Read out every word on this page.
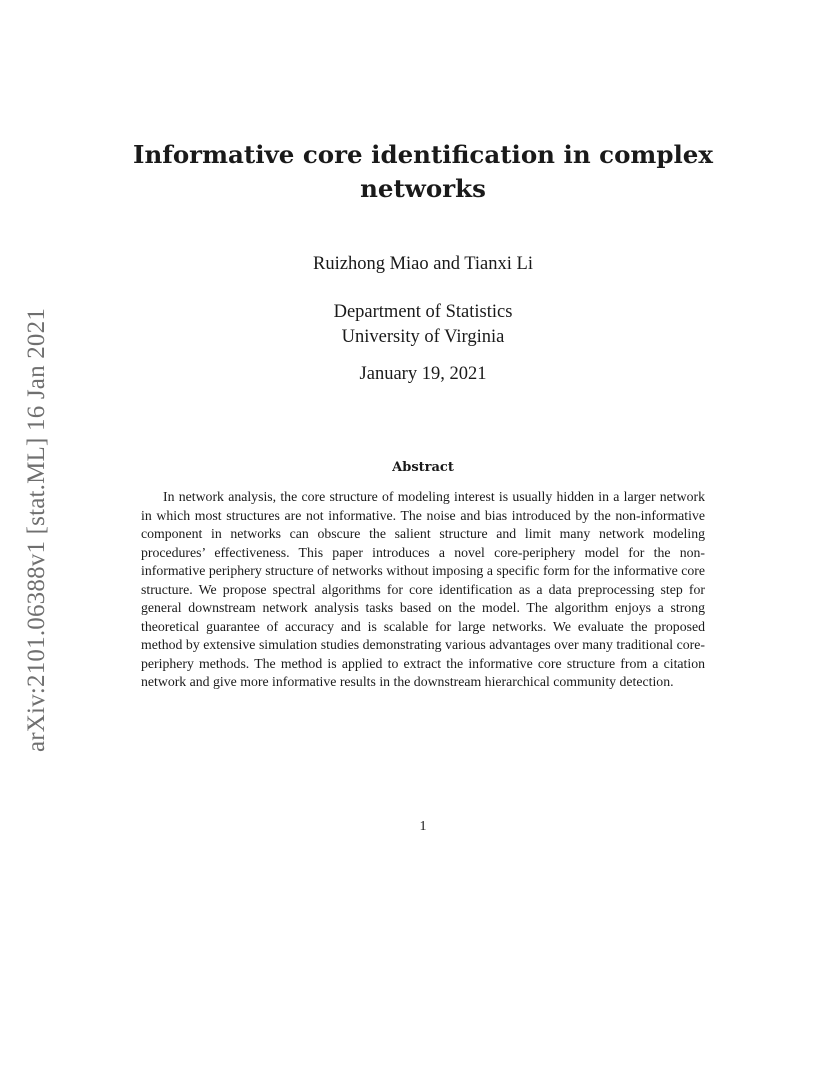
arXiv:2101.06388v1 [stat.ML] 16 Jan 2021
Informative core identification in complex
networks
Ruizhong Miao and Tianxi Li
Department of Statistics
University of Virginia
January 19, 2021
Abstract

In network analysis, the core structure of modeling interest is usually hidden in a larger network in which most structures are not informative. The noise and bias introduced by the non-informative component in networks can obscure the salient structure and limit many network modeling procedures’ effectiveness. This paper introduces a novel core-periphery model for the non-informative periphery structure of networks without imposing a specific form for the informative core structure. We propose spectral algorithms for core identification as a data preprocessing step for general downstream network analysis tasks based on the model. The algorithm enjoys a strong theoretical guarantee of accuracy and is scalable for large networks. We evaluate the proposed method by extensive simulation studies demonstrating various advantages over many traditional core-periphery methods. The method is applied to extract the informative core structure from a citation network and give more informative results in the downstream hierarchical community detection.

1
